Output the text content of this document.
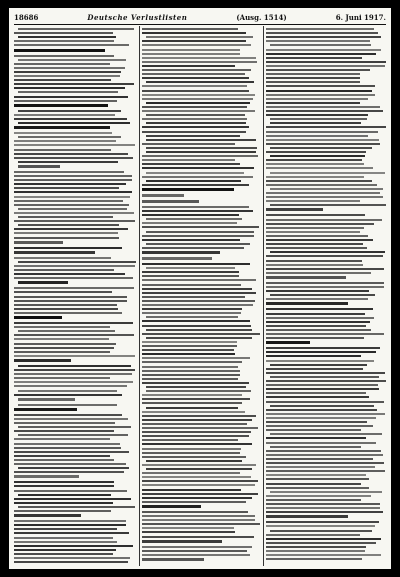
18686	Deutsche Verlustlisten	(Ausg. 1514)	6. Juni 1917.
